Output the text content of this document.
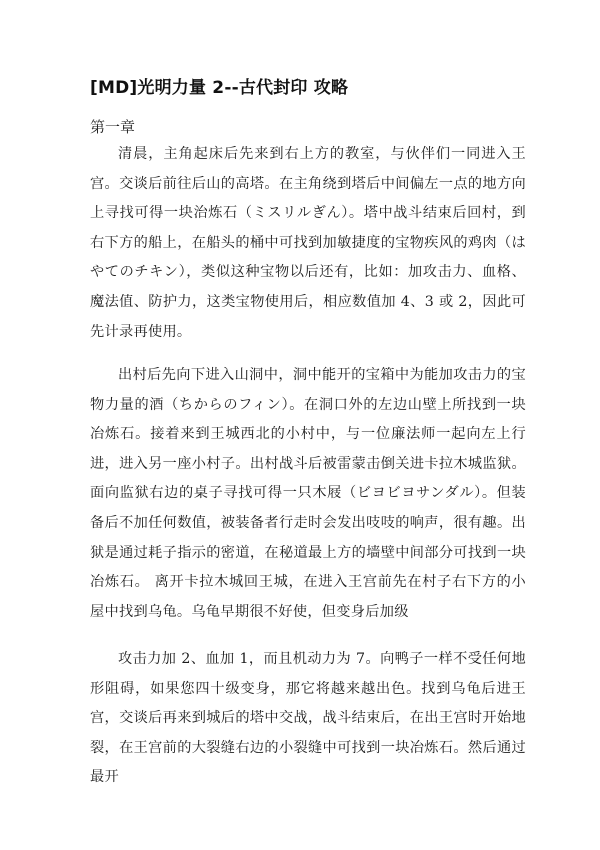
[MD]光明力量 2--古代封印 攻略
第一章

清晨，主角起床后先来到右上方的教室，与伙伴们一同进入王宫。交谈后前往后山的高塔。在主角绕到塔后中间偏左一点的地方向上寻找可得一块治炼石（ミスリルぎん）。塔中战斗结束后回村，到右下方的船上，在船头的桶中可找到加敏捷度的宝物疾风的鸡肉（はやてのチキン），类似这种宝物以后还有，比如：加攻击力、血格、魔法值、防护力，这类宝物使用后，相应数值加 4、3 或 2，因此可先计录再使用。

出村后先向下进入山洞中，洞中能开的宝箱中为能加攻击力的宝物力量的酒（ちからのフィン）。在洞口外的左边山壁上所找到一块冶炼石。接着来到王城西北的小村中，与一位廉法师一起向左上行进，进入另一座小村子。出村战斗后被雷蒙击倒关进卡拉木城监狱。面向监狱右边的桌子寻找可得一只木屐（ビヨビヨサンダル）。但装备后不加任何数值，被装备者行走时会发出吱吱的响声，很有趣。出狱是通过耗子指示的密道，在秘道最上方的墙壁中间部分可找到一块冶炼石。 离开卡拉木城回王城，在进入王宫前先在村子右下方的小屋中找到乌龟。乌龟早期很不好使，但变身后加级

攻击力加 2、血加 1，而且机动力为 7。向鸭子一样不受任何地形阻碍，如果您四十级变身，那它将越来越出色。找到乌龟后进王宫，交谈后再来到城后的塔中交战，战斗结束后，在出王宫时开始地裂，在王宫前的大裂缝右边的小裂缝中可找到一块冶炼石。然后通过最开
